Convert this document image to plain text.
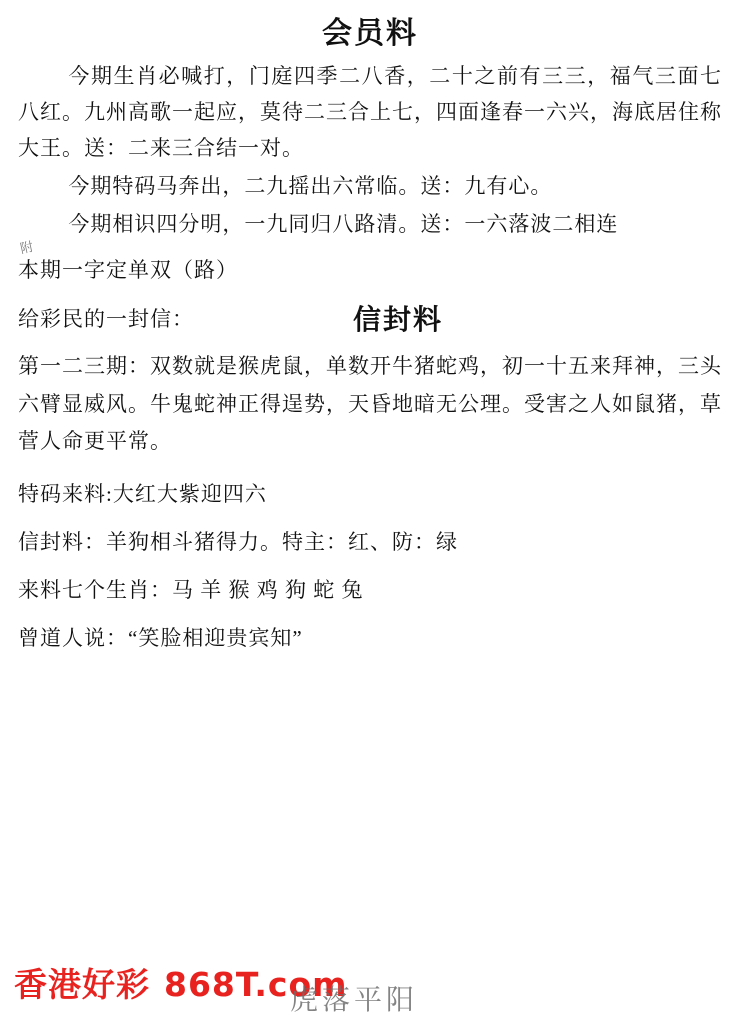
会员料
今期生肖必喊打，门庭四季二八香，二十之前有三三，福气三面七八红。九州高歌一起应，莫待二三合上七，四面逢春一六兴，海底居住称大王。送：二来三合结一对。
附
今期特码马奔出，二九摇出六常临。送：九有心。
今期相识四分明，一九同归八路清。送：一六落波二相连
本期一字定单双（路）
给彩民的一封信：	信封料
第一二三期：双数就是猴虎鼠，单数开牛猪蛇鸡，初一十五来拜神，三头六臂显威风。牛鬼蛇神正得逞势，天昏地暗无公理。受害之人如鼠猪，草菅人命更平常。
特码来料:大红大紫迎四六
信封料：羊狗相斗猪得力。特主：红、防：绿
来料七个生肖：马 羊 猴 鸡 狗 蛇 兔
曾道人说：“笑脸相迎贵宾知”
香港好彩 868T.com
虎落平阳
